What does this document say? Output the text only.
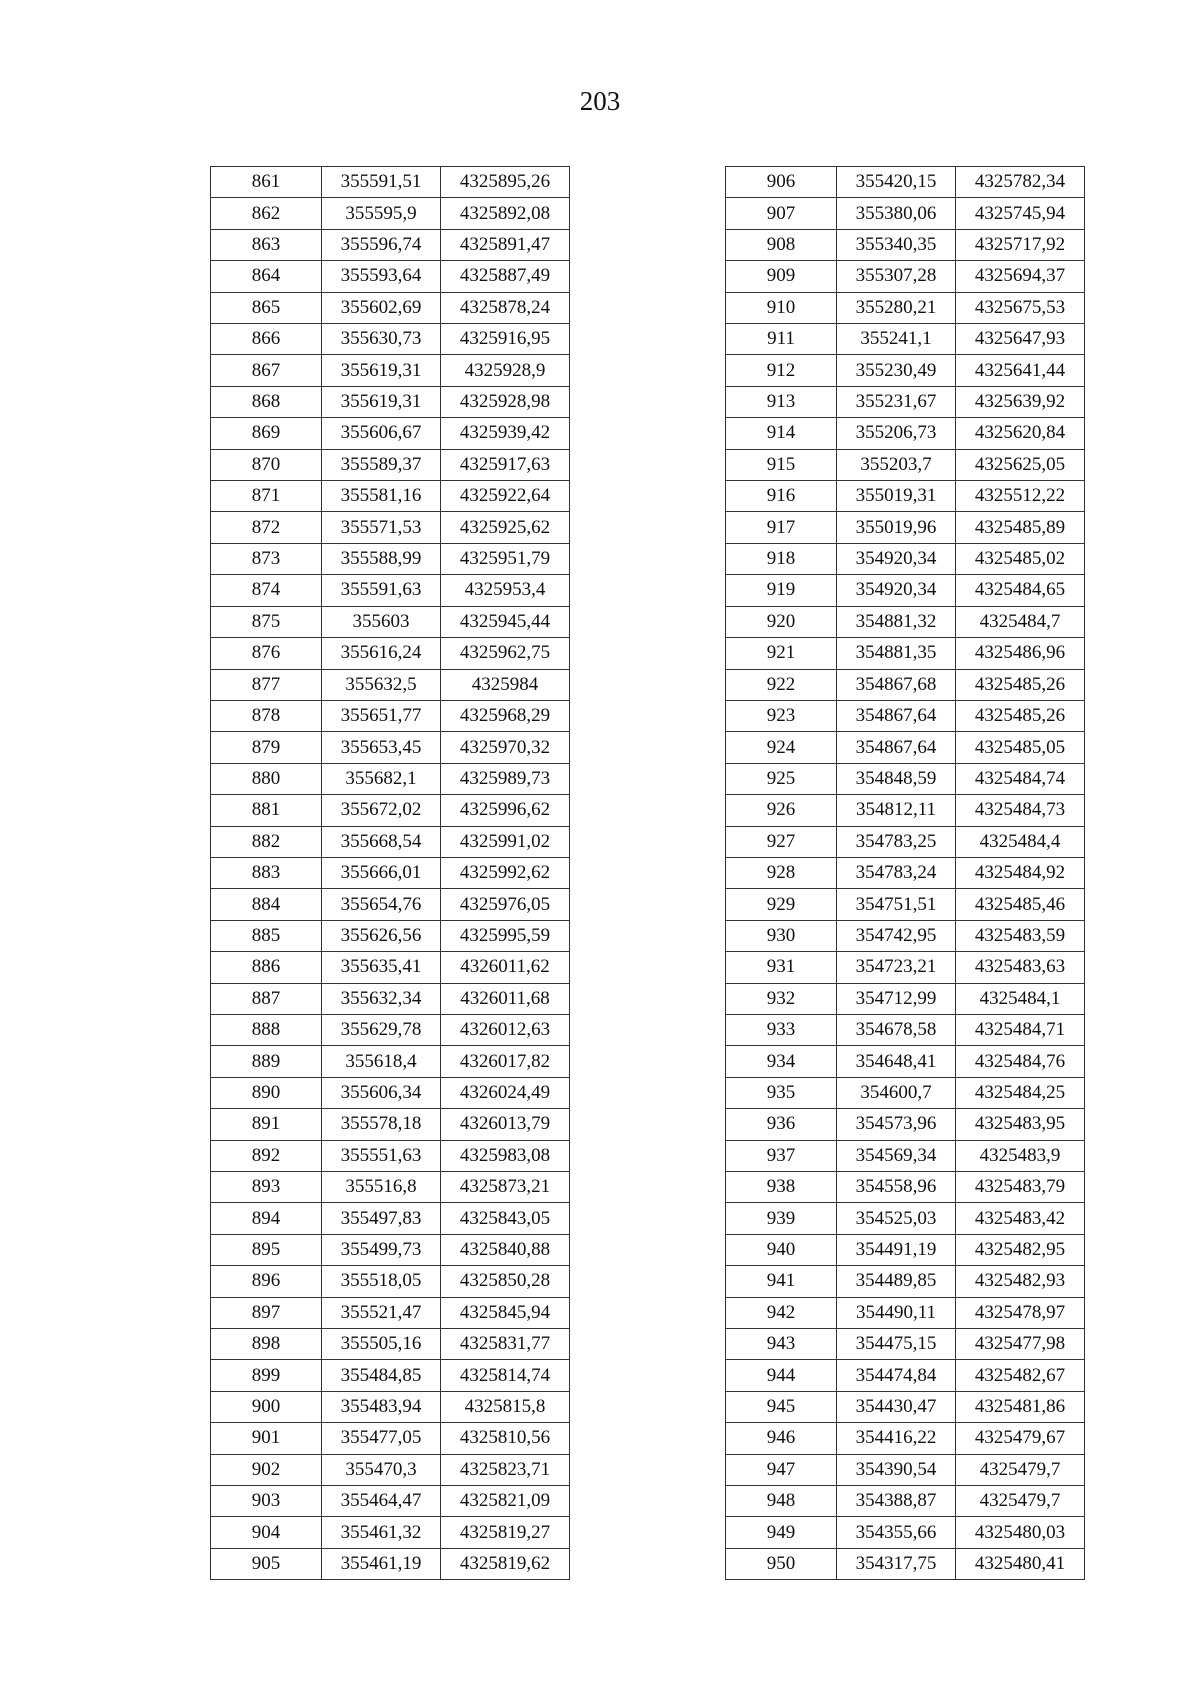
203
861	355591,51	4325895,26
862	355595,9	4325892,08
863	355596,74	4325891,47
864	355593,64	4325887,49
865	355602,69	4325878,24
866	355630,73	4325916,95
867	355619,31	4325928,9
868	355619,31	4325928,98
869	355606,67	4325939,42
870	355589,37	4325917,63
871	355581,16	4325922,64
872	355571,53	4325925,62
873	355588,99	4325951,79
874	355591,63	4325953,4
875	355603	4325945,44
876	355616,24	4325962,75
877	355632,5	4325984
878	355651,77	4325968,29
879	355653,45	4325970,32
880	355682,1	4325989,73
881	355672,02	4325996,62
882	355668,54	4325991,02
883	355666,01	4325992,62
884	355654,76	4325976,05
885	355626,56	4325995,59
886	355635,41	4326011,62
887	355632,34	4326011,68
888	355629,78	4326012,63
889	355618,4	4326017,82
890	355606,34	4326024,49
891	355578,18	4326013,79
892	355551,63	4325983,08
893	355516,8	4325873,21
894	355497,83	4325843,05
895	355499,73	4325840,88
896	355518,05	4325850,28
897	355521,47	4325845,94
898	355505,16	4325831,77
899	355484,85	4325814,74
900	355483,94	4325815,8
901	355477,05	4325810,56
902	355470,3	4325823,71
903	355464,47	4325821,09
904	355461,32	4325819,27
905	355461,19	4325819,62
906	355420,15	4325782,34
907	355380,06	4325745,94
908	355340,35	4325717,92
909	355307,28	4325694,37
910	355280,21	4325675,53
911	355241,1	4325647,93
912	355230,49	4325641,44
913	355231,67	4325639,92
914	355206,73	4325620,84
915	355203,7	4325625,05
916	355019,31	4325512,22
917	355019,96	4325485,89
918	354920,34	4325485,02
919	354920,34	4325484,65
920	354881,32	4325484,7
921	354881,35	4325486,96
922	354867,68	4325485,26
923	354867,64	4325485,26
924	354867,64	4325485,05
925	354848,59	4325484,74
926	354812,11	4325484,73
927	354783,25	4325484,4
928	354783,24	4325484,92
929	354751,51	4325485,46
930	354742,95	4325483,59
931	354723,21	4325483,63
932	354712,99	4325484,1
933	354678,58	4325484,71
934	354648,41	4325484,76
935	354600,7	4325484,25
936	354573,96	4325483,95
937	354569,34	4325483,9
938	354558,96	4325483,79
939	354525,03	4325483,42
940	354491,19	4325482,95
941	354489,85	4325482,93
942	354490,11	4325478,97
943	354475,15	4325477,98
944	354474,84	4325482,67
945	354430,47	4325481,86
946	354416,22	4325479,67
947	354390,54	4325479,7
948	354388,87	4325479,7
949	354355,66	4325480,03
950	354317,75	4325480,41
